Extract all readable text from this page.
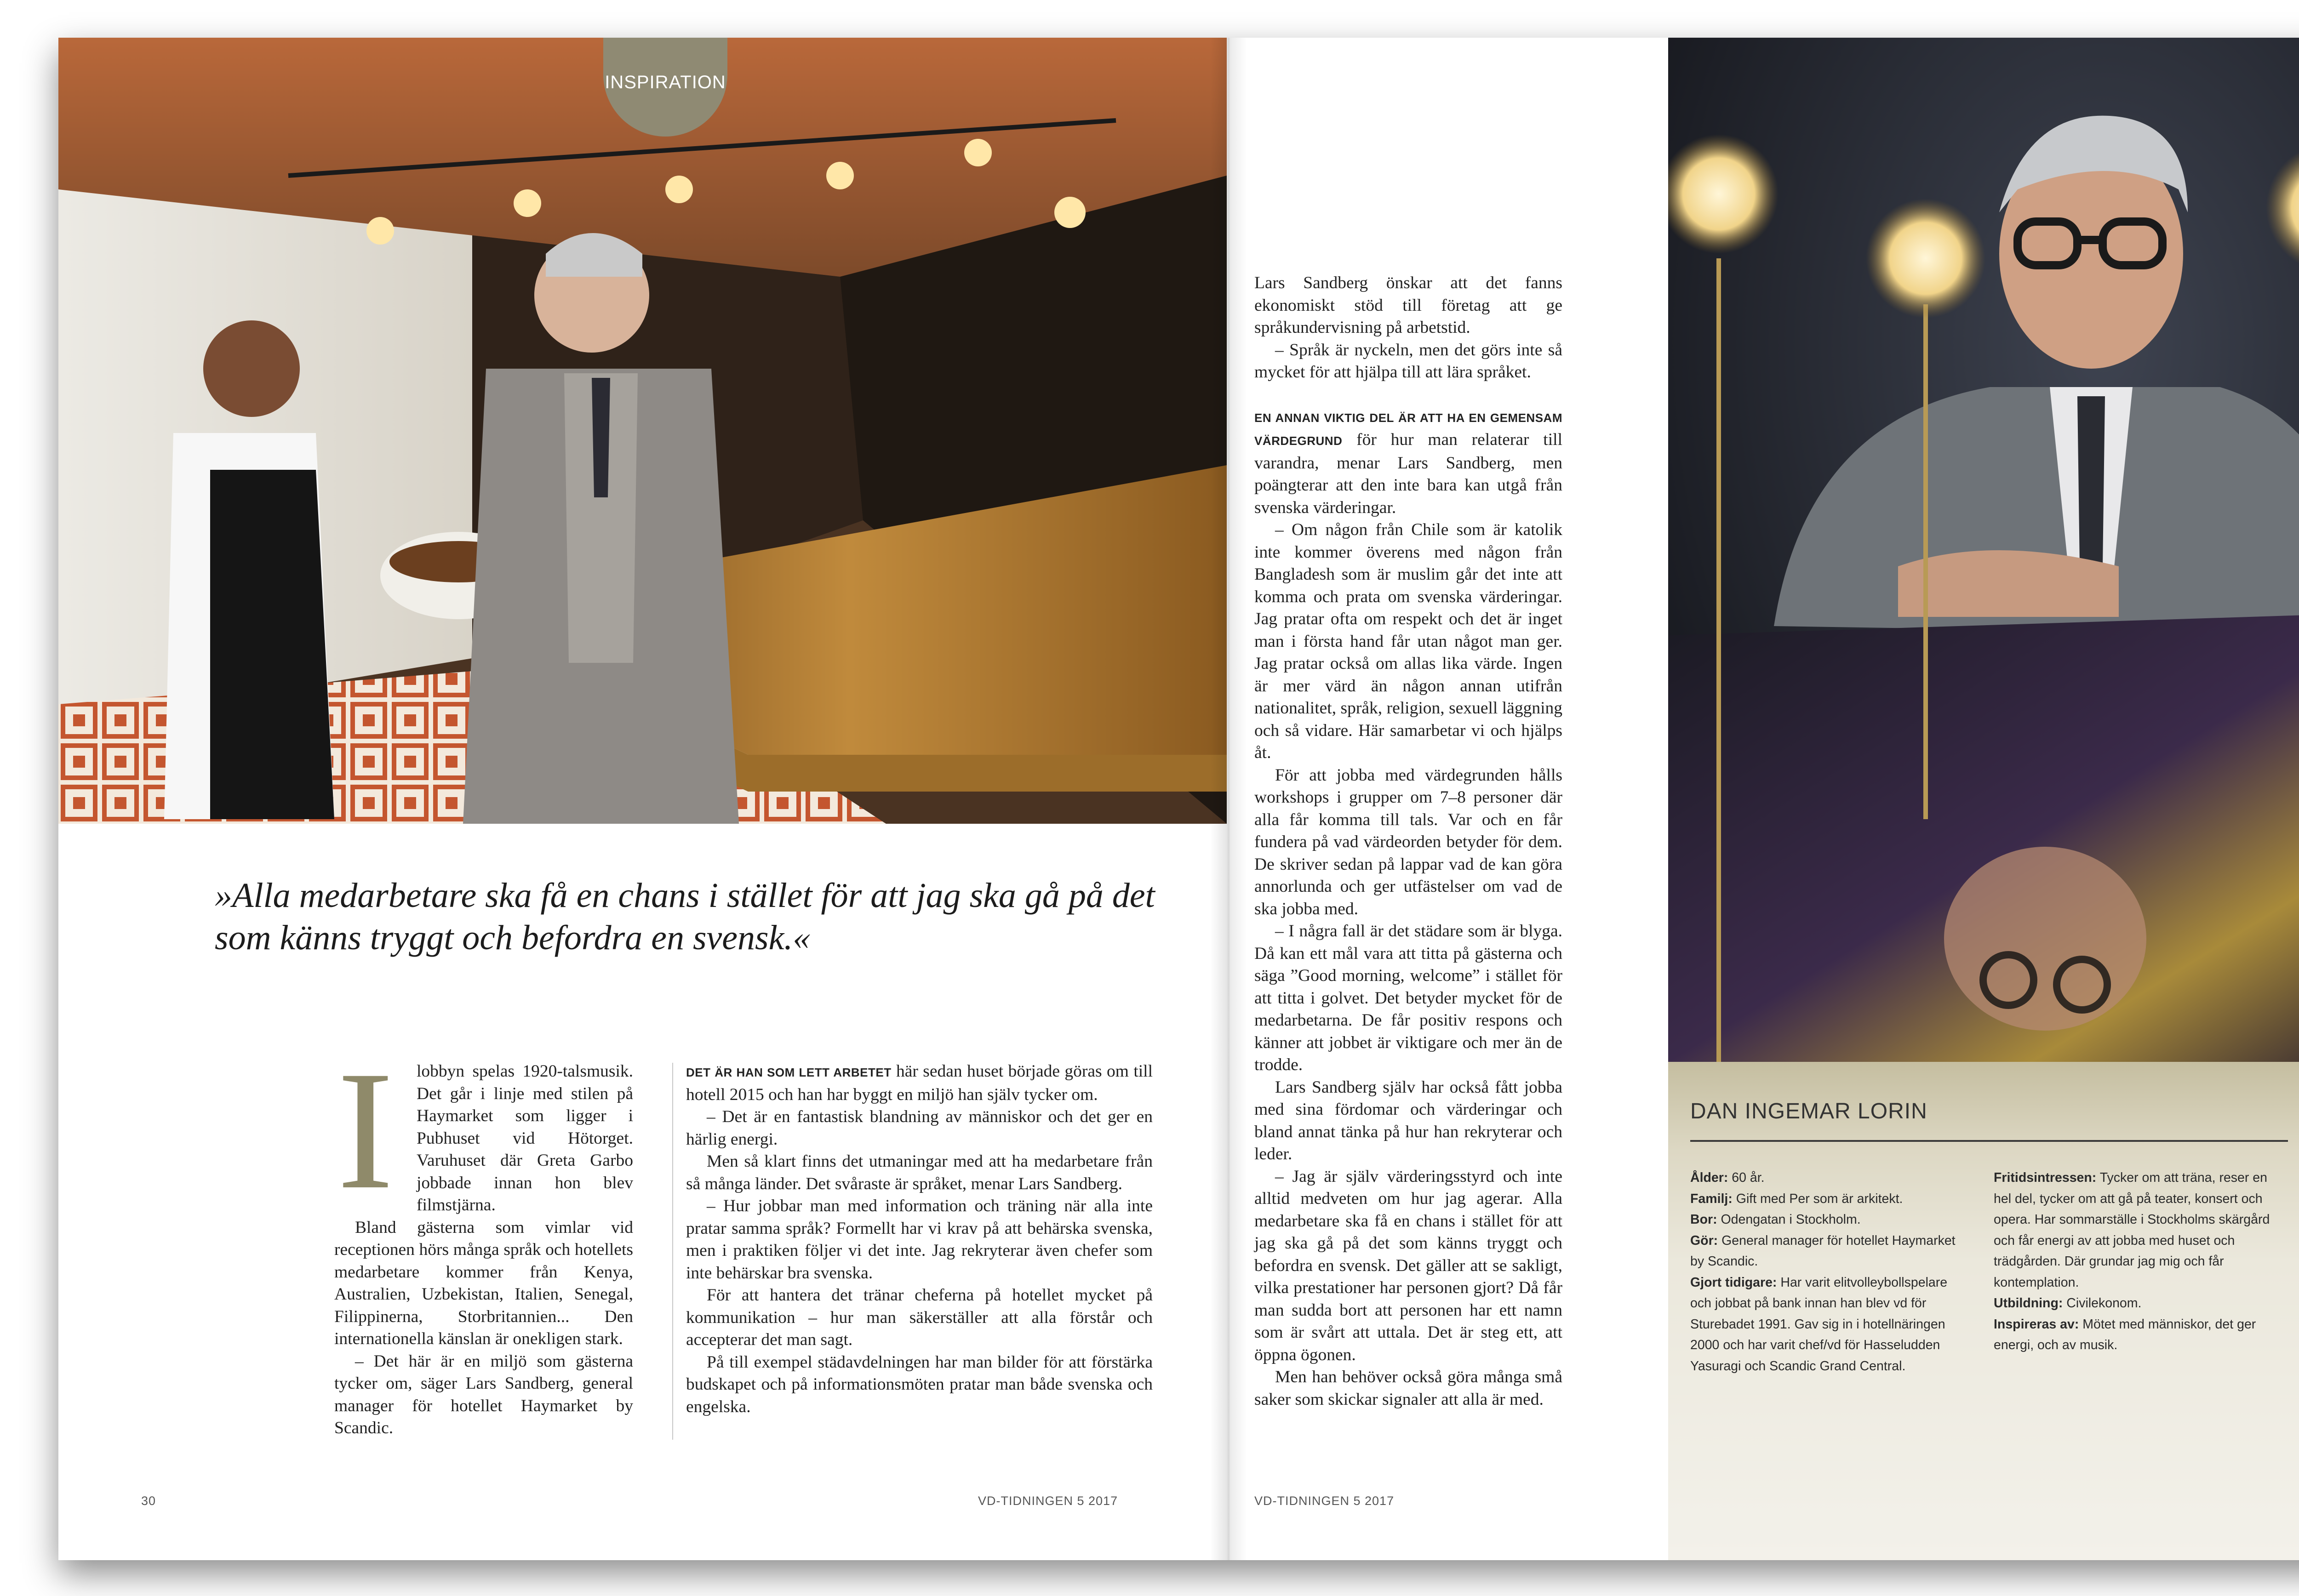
INSPIRATION
»Alla medarbetare ska få en chans i stället för att jag ska gå på det som känns tryggt och befordra en svensk.«

I lobbyn spelas 1920-talsmusik. Det går i linje med stilen på Haymarket som ligger i Pubhuset vid Hötorget. Varuhuset där Greta Garbo jobbade innan hon blev filmstjärna.

Bland gästerna som vimlar vid receptionen hörs många språk och hotellets medarbetare kommer från Kenya, Australien, Uzbekistan, Italien, Senegal, Filippinerna, Storbritannien... Den internationella känslan är onekligen stark.

– Det här är en miljö som gästerna tycker om, säger Lars Sandberg, general manager för hotellet Haymarket by Scandic.

DET ÄR HAN SOM LETT ARBETET här sedan huset började göras om till hotell 2015 och han har byggt en miljö han själv tycker om.

– Det är en fantastisk blandning av människor och det ger en härlig energi.

Men så klart finns det utmaningar med att ha medarbetare från så många länder. Det svåraste är språket, menar Lars Sandberg.

– Hur jobbar man med information och träning när alla inte pratar samma språk? Formellt har vi krav på att behärska svenska, men i praktiken följer vi det inte. Jag rekryterar även chefer som inte behärskar bra svenska.

För att hantera det tränar cheferna på hotellet mycket på kommunikation – hur man säkerställer att alla förstår och accepterar det man sagt.

På till exempel städavdelningen har man bilder för att förstärka budskapet och på informationsmöten pratar man både svenska och engelska.

30	VD-TIDNINGEN 5 2017

Lars Sandberg önskar att det fanns ekonomiskt stöd till företag att ge språkundervisning på arbetstid.

– Språk är nyckeln, men det görs inte så mycket för att hjälpa till att lära språket.

EN ANNAN VIKTIG DEL ÄR ATT HA EN GEMENSAM VÄRDEGRUND för hur man relaterar till varandra, menar Lars Sandberg, men poängterar att den inte bara kan utgå från svenska värderingar.

– Om någon från Chile som är katolik inte kommer överens med någon från Bangladesh som är muslim går det inte att komma och prata om svenska värderingar. Jag pratar ofta om respekt och det är inget man i första hand får utan något man ger. Jag pratar också om allas lika värde. Ingen är mer värd än någon annan utifrån nationalitet, språk, religion, sexuell läggning och så vidare. Här samarbetar vi och hjälps åt.

För att jobba med värdegrunden hålls workshops i grupper om 7–8 personer där alla får komma till tals. Var och en får fundera på vad värdeorden betyder för dem. De skriver sedan på lappar vad de kan göra annorlunda och ger utfästelser om vad de ska jobba med.

– I några fall är det städare som är blyga. Då kan ett mål vara att titta på gästerna och säga ”Good morning, welcome” i stället för att titta i golvet. Det betyder mycket för de medarbetarna. De får positiv respons och känner att jobbet är viktigare och mer än de trodde.

Lars Sandberg själv har också fått jobba med sina fördomar och värderingar och bland annat tänka på hur han rekryterar och leder.

– Jag är själv värderingsstyrd och inte alltid medveten om hur jag agerar. Alla medarbetare ska få en chans i stället för att jag ska gå på det som känns tryggt och befordra en svensk. Det gäller att se sakligt, vilka prestationer har personen gjort? Då får man sudda bort att personen har ett namn som är svårt att uttala. Det är steg ett, att öppna ögonen.

Men han behöver också göra många små saker som skickar signaler att alla är med.

DAN INGEMAR LORIN
Ålder: 60 år.
Familj: Gift med Per som är arkitekt.
Bor: Odengatan i Stockholm.
Gör: General manager för hotellet Haymarket by Scandic.
Gjort tidigare: Har varit elitvolleybollspelare och jobbat på bank innan han blev vd för Sturebadet 1991. Gav sig in i hotellnäringen 2000 och har varit chef/vd för Hasseludden Yasuragi och Scandic Grand Central.
Fritidsintressen: Tycker om att träna, reser en hel del, tycker om att gå på teater, konsert och opera. Har sommarställe i Stockholms skärgård och får energi av att jobba med huset och trädgården. Där grundar jag mig och får kontemplation.
Utbildning: Civilekonom.
Inspireras av: Mötet med människor, det ger energi, och av musik.
VD-TIDNINGEN 5 2017
